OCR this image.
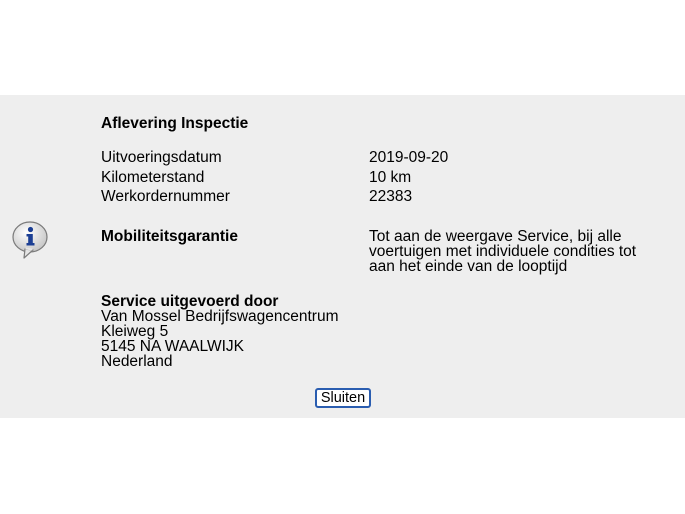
Aflevering Inspectie
Uitvoeringsdatum	2019-09-20
Kilometerstand	10 km
Werkordernummer	22383
Mobiliteitsgarantie	Tot aan de weergave Service, bij alle
voertuigen met individuele condities tot
aan het einde van de looptijd
Service uitgevoerd door
Van Mossel Bedrijfswagencentrum
Kleiweg 5
5145 NA WAALWIJK
Nederland
Sluiten
